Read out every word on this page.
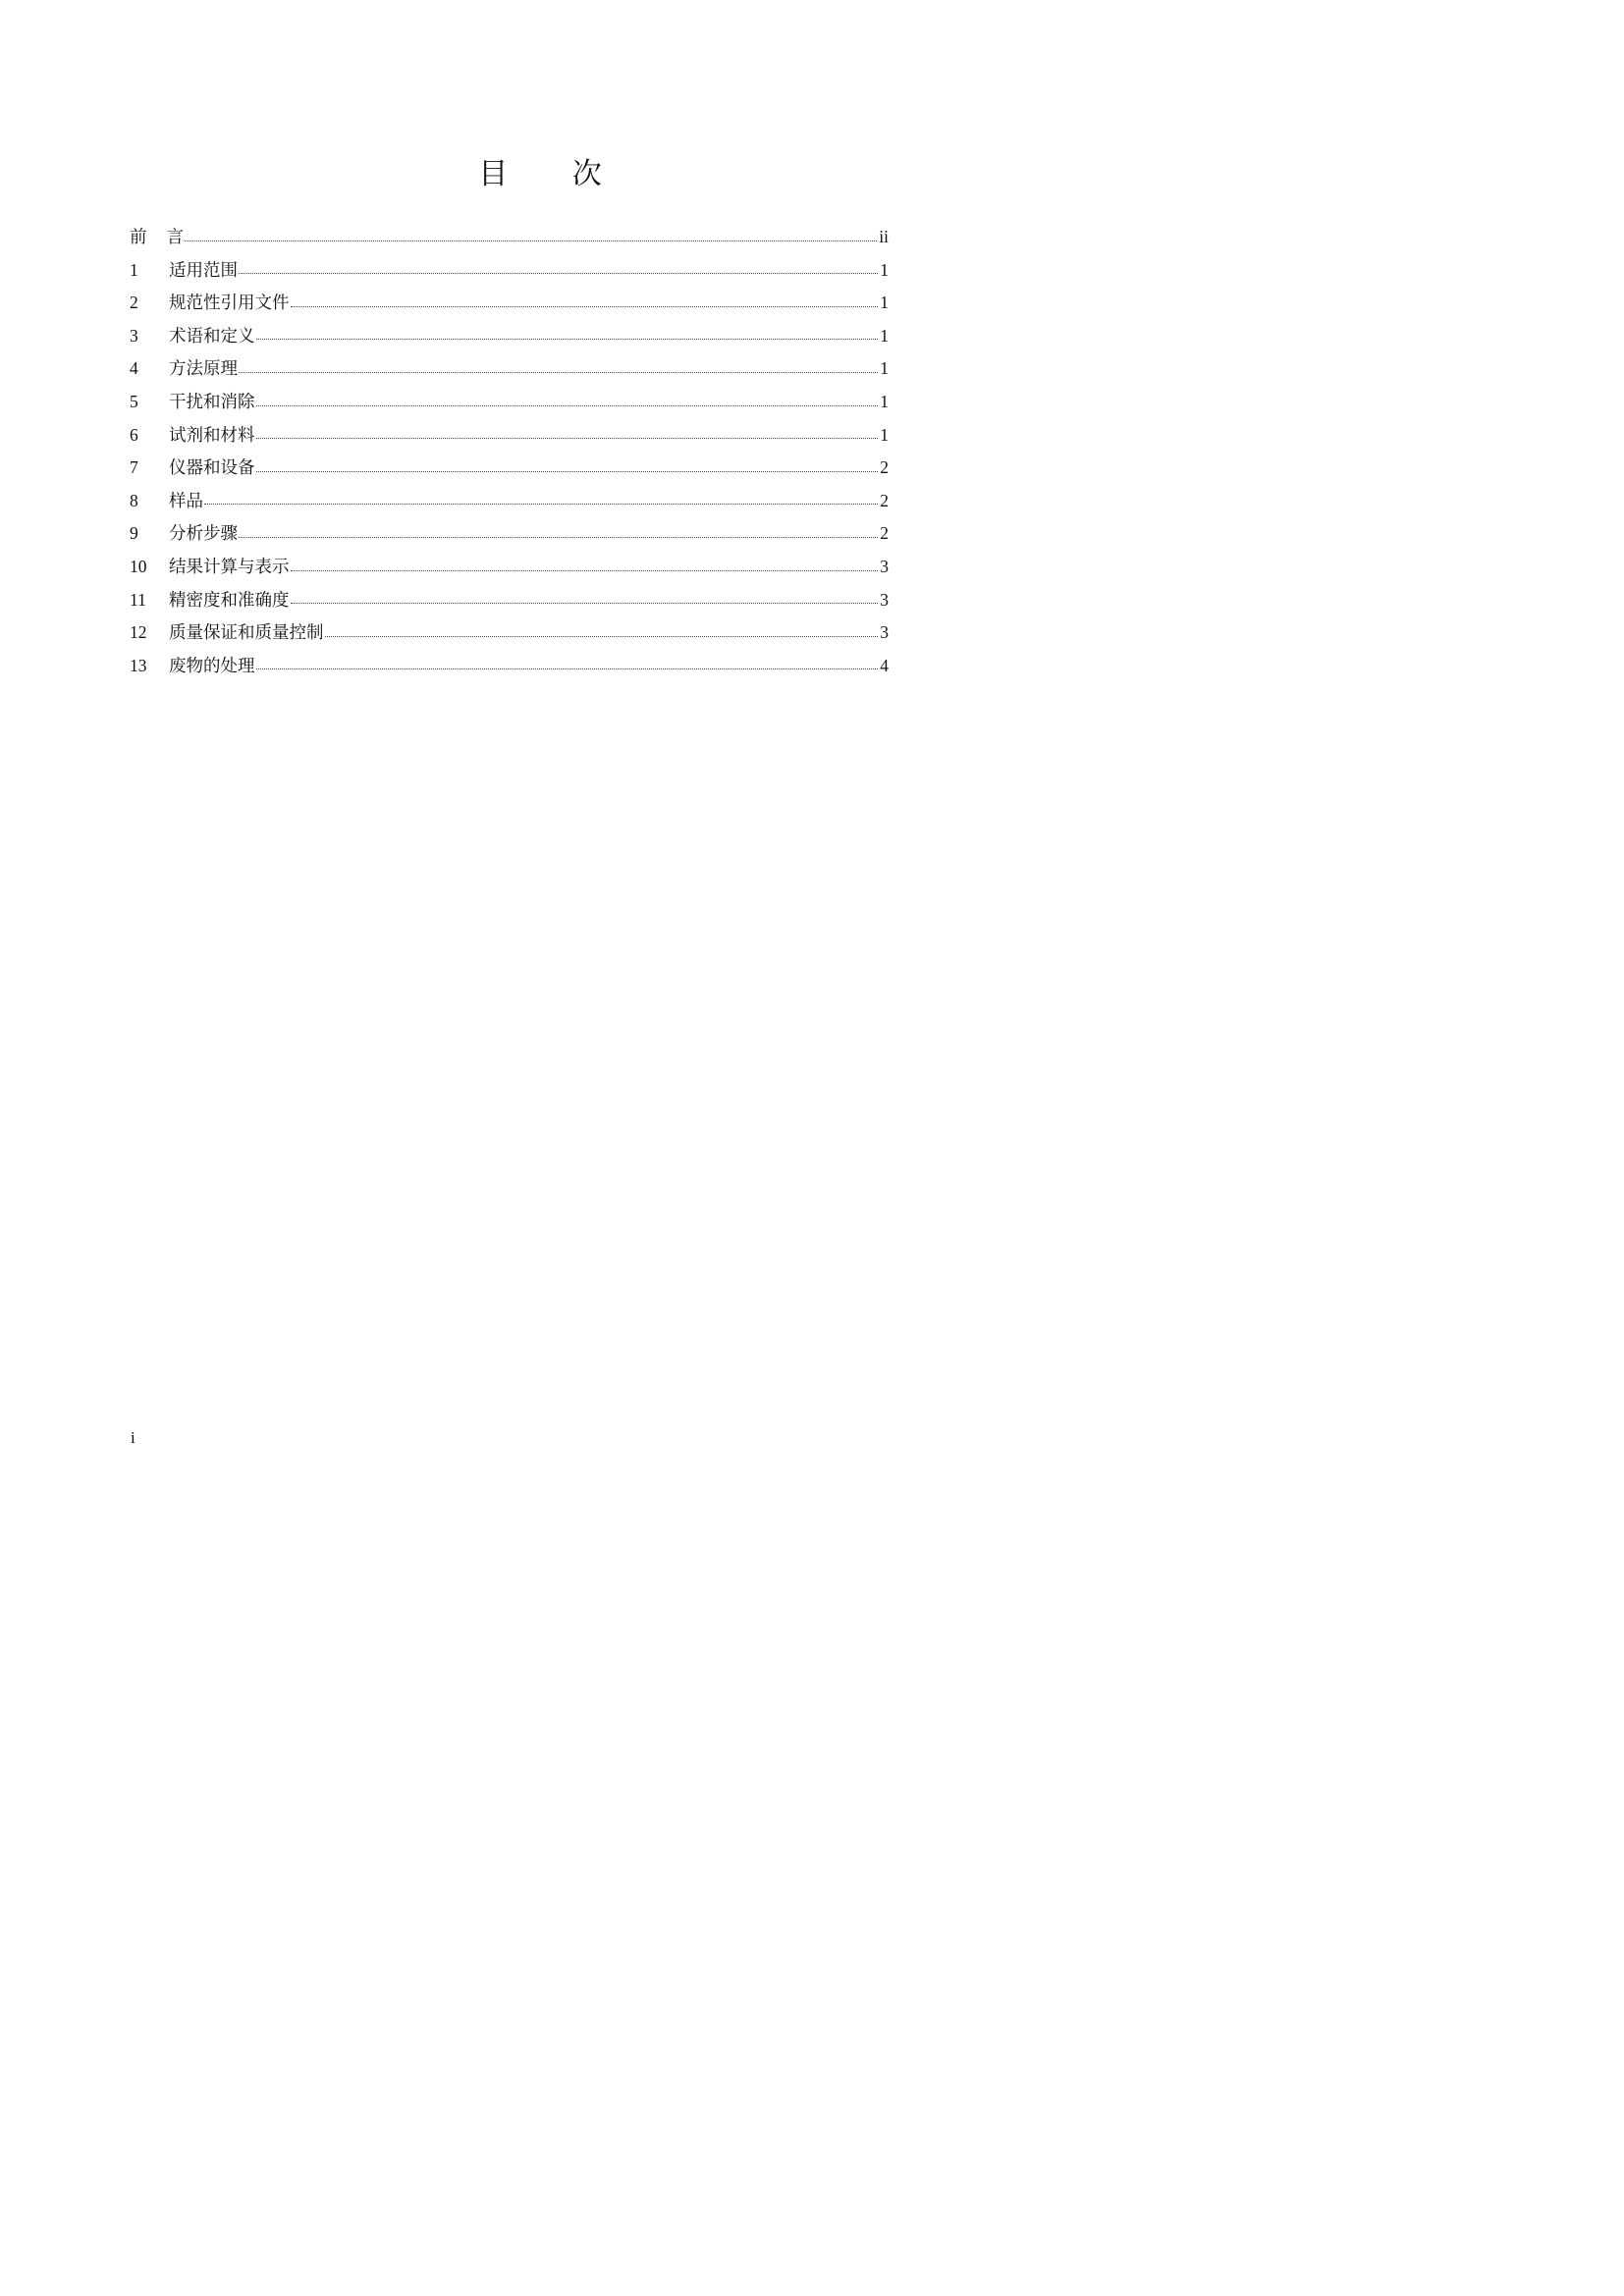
目 次
前言	ii
1	适用范围	1
2	规范性引用文件	1
3	术语和定义	1
4	方法原理	1
5	干扰和消除	1
6	试剂和材料	1
7	仪器和设备	2
8	样品	2
9	分析步骤	2
10	结果计算与表示	3
11	精密度和准确度	3
12	质量保证和质量控制	3
13	废物的处理	4
i
